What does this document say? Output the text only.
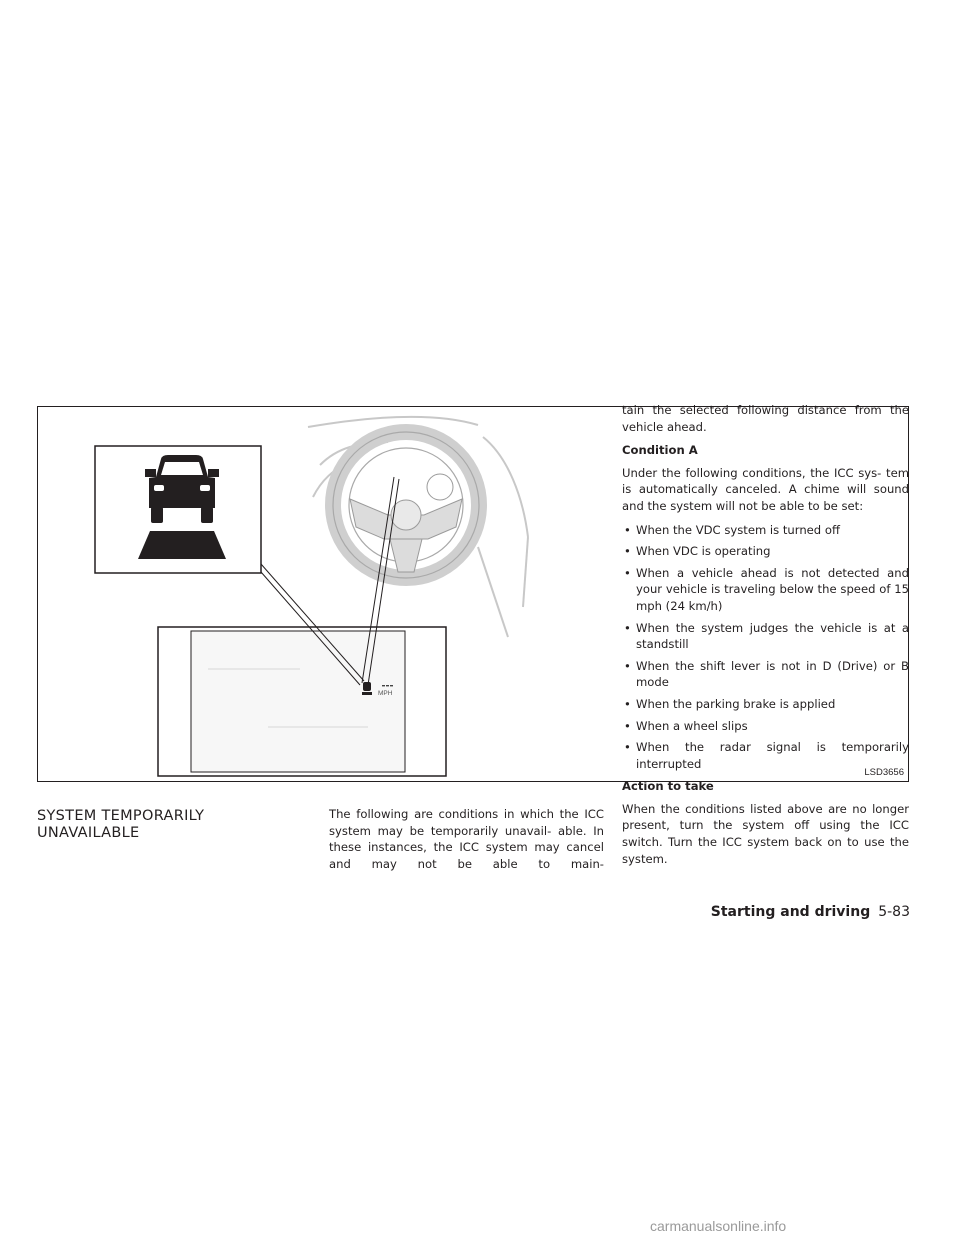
MPH
LSD3656
SYSTEM TEMPORARILY UNAVAILABLE

The following are conditions in which the ICC system may be temporarily unavail- able. In these instances, the ICC system may cancel and may not be able to main-

tain the selected following distance from the vehicle ahead.

Condition A

Under the following conditions, the ICC sys- tem is automatically canceled. A chime will sound and the system will not be able to be set:

• When the VDC system is turned off
• When VDC is operating
• When a vehicle ahead is not detected and your vehicle is traveling below the speed of 15 mph (24 km/h)
• When the system judges the vehicle is at a standstill
• When the shift lever is not in D (Drive) or B mode
• When the parking brake is applied
• When a wheel slips
• When the radar signal is temporarily interrupted
Action to take

When the conditions listed above are no longer present, turn the system off using the ICC switch. Turn the ICC system back on to use the system.

Starting and driving 5-83
carmanualsonline.info
